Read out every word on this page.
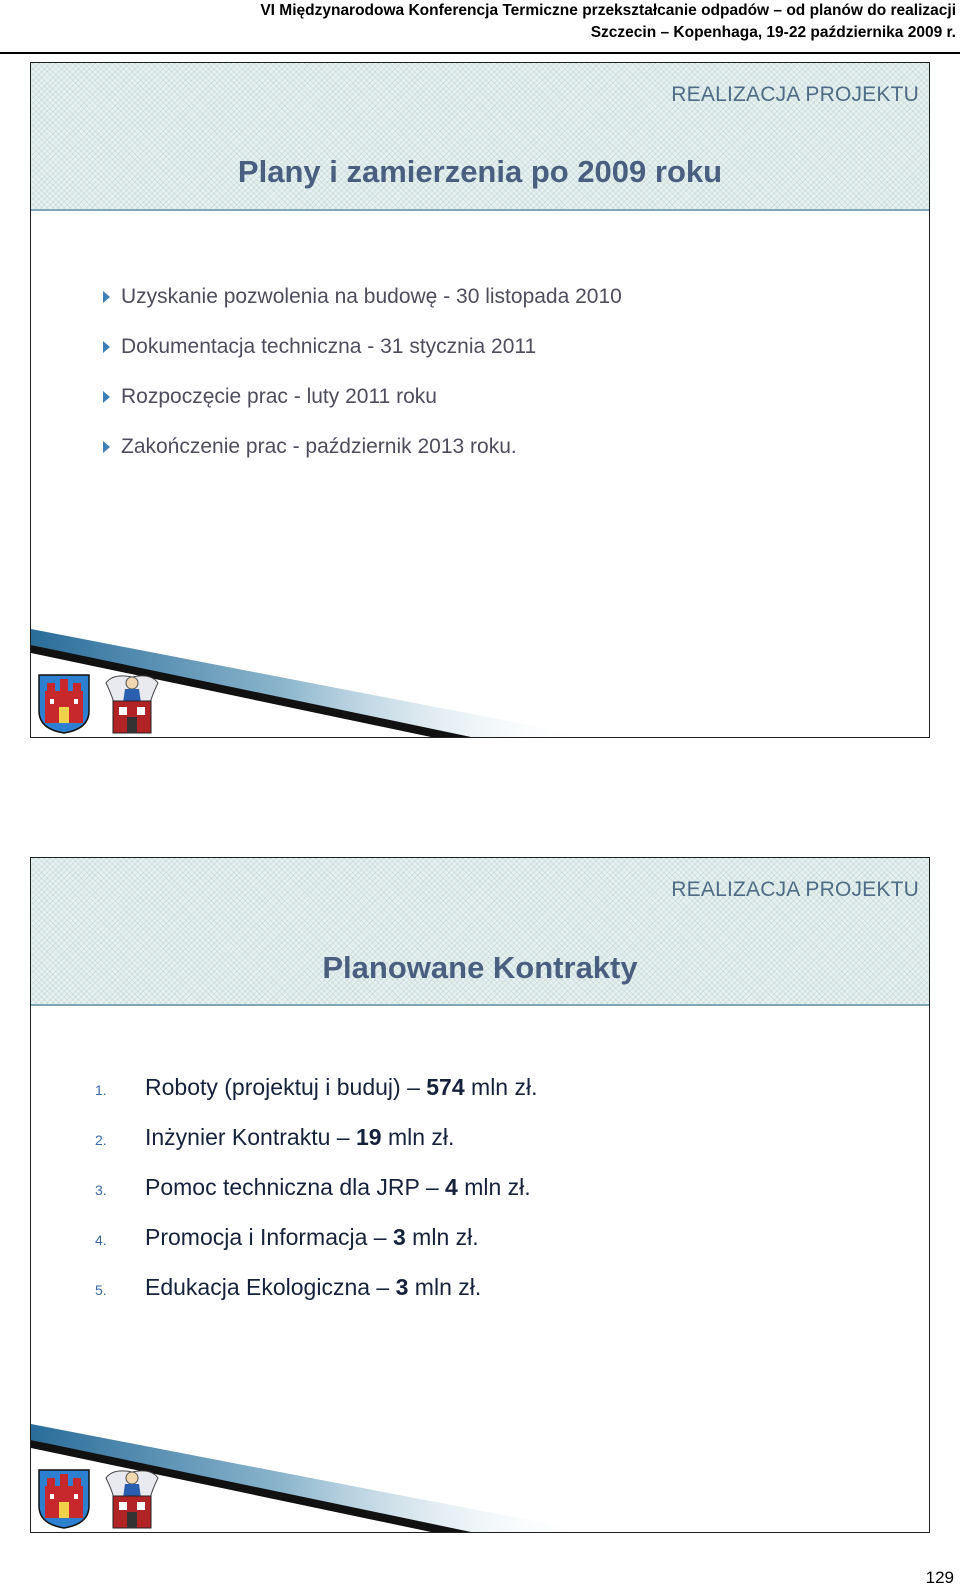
VI Międzynarodowa Konferencja Termiczne przekształcanie odpadów – od planów do realizacji
Szczecin – Kopenhaga, 19-22 października 2009 r.
REALIZACJA PROJEKTU
Plany i zamierzenia po 2009 roku
Uzyskanie pozwolenia na budowę - 30 listopada 2010
Dokumentacja techniczna - 31 stycznia 2011
Rozpoczęcie prac - luty 2011 roku
Zakończenie prac - październik 2013 roku.
REALIZACJA PROJEKTU
Planowane Kontrakty
1. Roboty (projektuj i buduj) – 574 mln zł.
2. Inżynier Kontraktu – 19 mln zł.
3. Pomoc techniczna dla JRP – 4 mln zł.
4. Promocja i Informacja – 3 mln zł.
5. Edukacja Ekologiczna – 3 mln zł.
129
